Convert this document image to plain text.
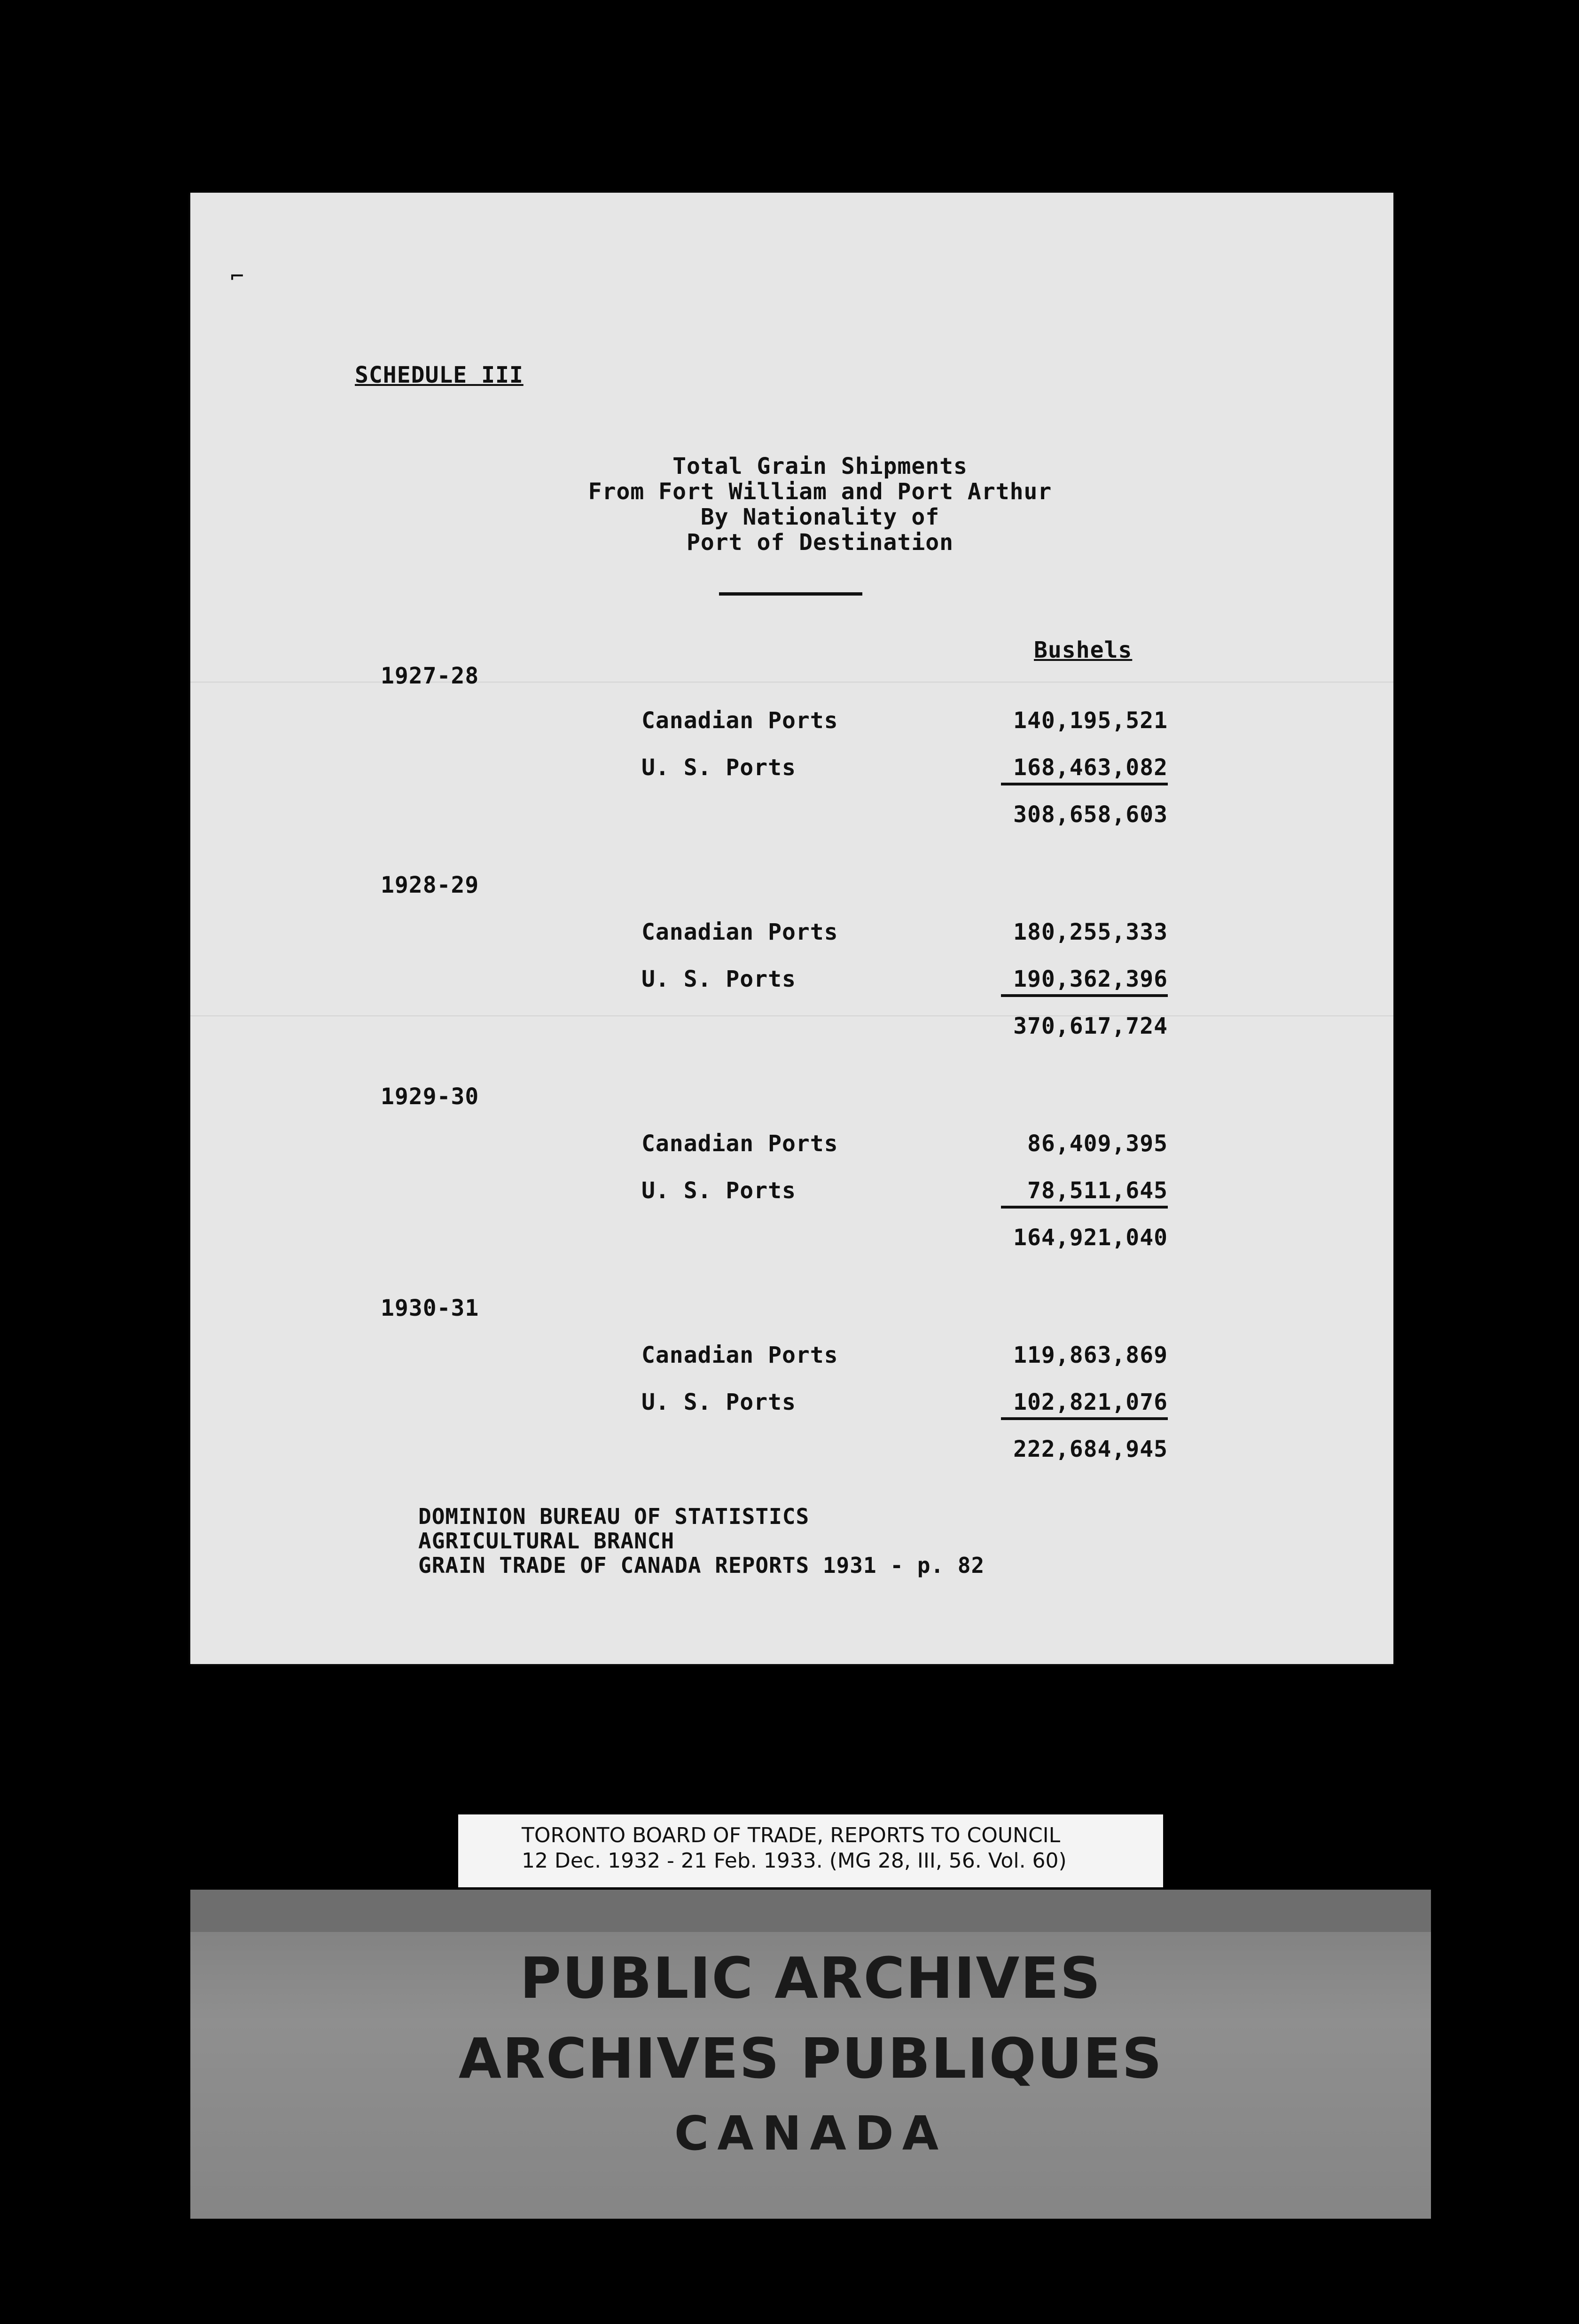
⌐
SCHEDULE III
Total Grain Shipments
From Fort William and Port Arthur
By Nationality of
Port of Destination
Bushels
1927-28
Canadian Ports	140,195,521
U. S. Ports	168,463,082
308,658,603
1928-29
Canadian Ports	180,255,333
U. S. Ports	190,362,396
370,617,724
1929-30
Canadian Ports	86,409,395
U. S. Ports	78,511,645
164,921,040
1930-31
Canadian Ports	119,863,869
U. S. Ports	102,821,076
222,684,945
DOMINION BUREAU OF STATISTICS
AGRICULTURAL BRANCH
GRAIN TRADE OF CANADA REPORTS 1931 - p. 82
TORONTO BOARD OF TRADE, REPORTS TO COUNCIL
12 Dec. 1932 - 21 Feb. 1933. (MG 28, III, 56. Vol. 60)
PUBLIC ARCHIVES
ARCHIVES PUBLIQUES
CANADA
